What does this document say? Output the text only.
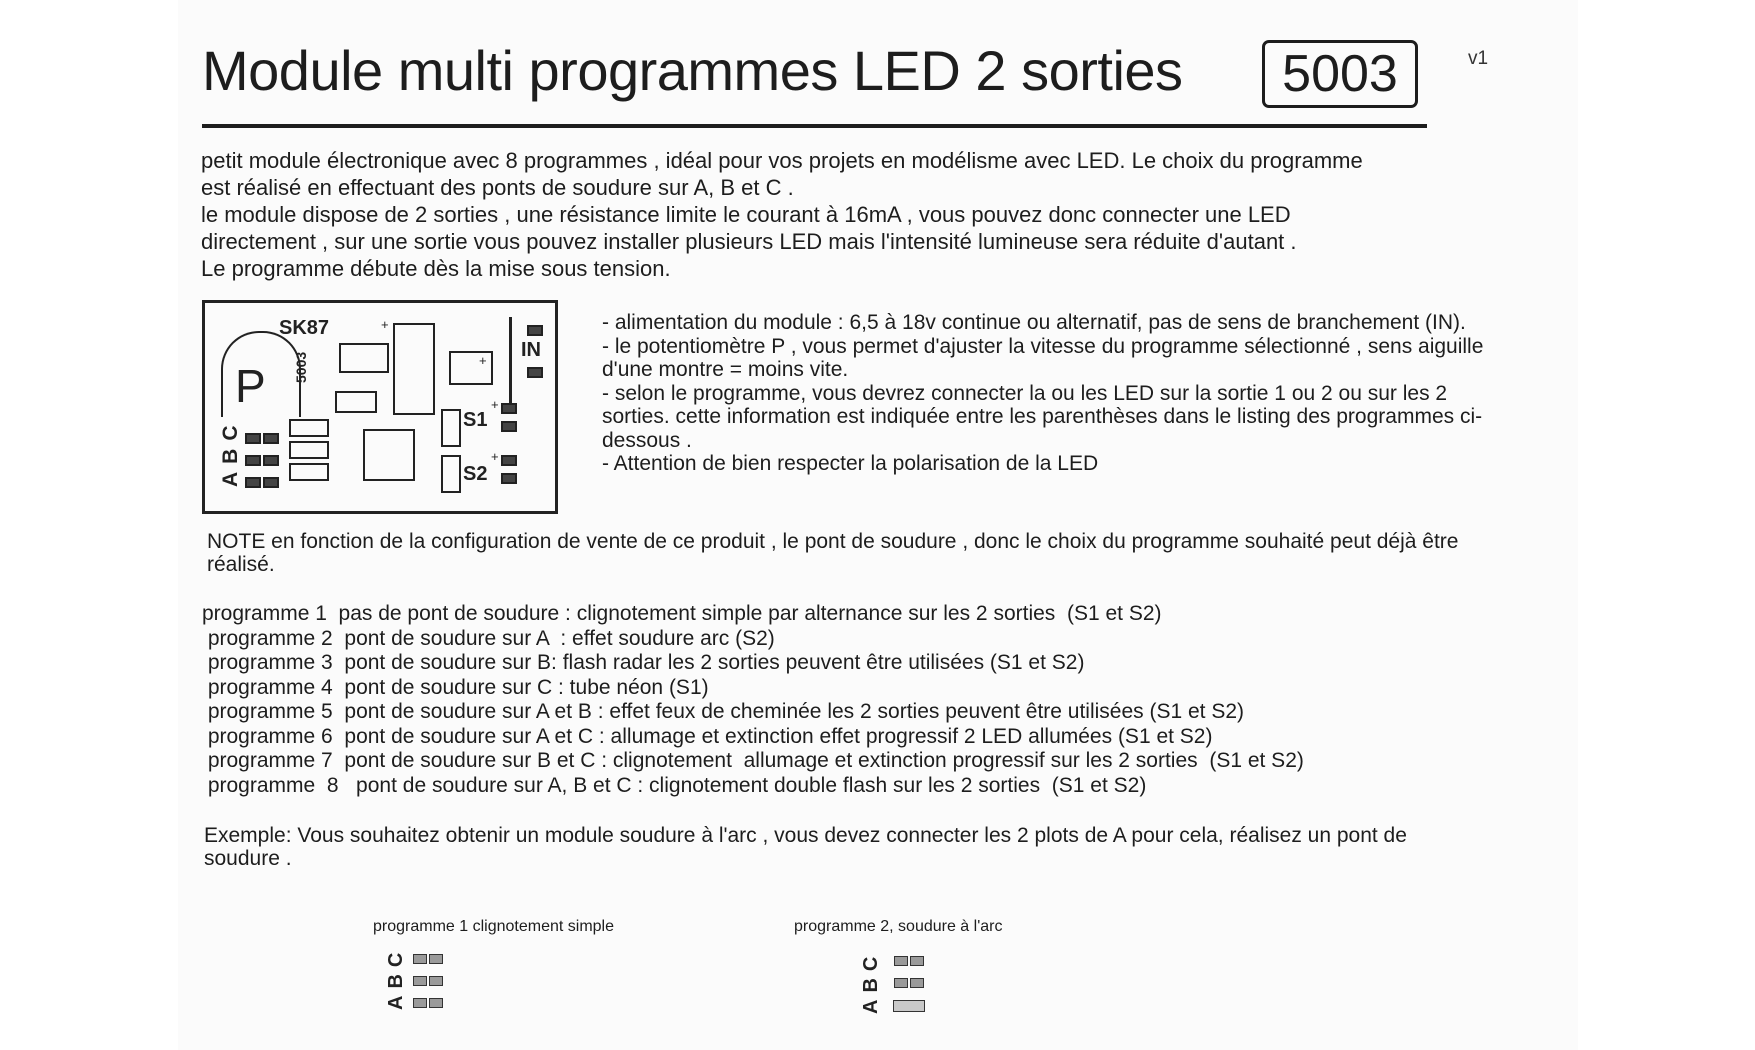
Module multi programmes LED 2 sorties	5003	v1
petit module électronique avec 8 programmes , idéal pour vos projets en modélisme avec LED. Le choix du programme
est réalisé en effectuant des ponts de soudure sur A, B et C .
le module dispose de 2 sorties , une résistance limite le courant à 16mA , vous pouvez donc connecter une LED
directement , sur une sortie vous pouvez installer plusieurs LED mais l'intensité lumineuse sera réduite d'autant .
Le programme débute dès la mise sous tension.
P
SK87
5003
+
+ IN
S1
+
S2
+
ABC
- alimentation du module : 6,5 à 18v continue ou alternatif, pas de sens de branchement (IN).
- le potentiomètre P , vous permet d'ajuster la vitesse du programme sélectionné , sens aiguille
d'une montre = moins vite.
- selon le programme, vous devrez connecter la ou les LED sur la sortie 1 ou 2 ou sur les 2
sorties. cette information est indiquée entre les parenthèses dans le listing des programmes ci-
dessous .
- Attention de bien respecter la polarisation de la LED
NOTE en fonction de la configuration de vente de ce produit , le pont de soudure , donc le choix du programme souhaité peut déjà être
réalisé.
programme 1  pas de pont de soudure : clignotement simple par alternance sur les 2 sorties  (S1 et S2)
programme 2  pont de soudure sur A  : effet soudure arc (S2)
programme 3  pont de soudure sur B: flash radar les 2 sorties peuvent être utilisées (S1 et S2)
programme 4  pont de soudure sur C : tube néon (S1)
programme 5  pont de soudure sur A et B : effet feux de cheminée les 2 sorties peuvent être utilisées (S1 et S2)
programme 6  pont de soudure sur A et C : allumage et extinction effet progressif 2 LED allumées (S1 et S2)
programme 7  pont de soudure sur B et C : clignotement  allumage et extinction progressif sur les 2 sorties  (S1 et S2)
programme  8   pont de soudure sur A, B et C : clignotement double flash sur les 2 sorties  (S1 et S2)
Exemple: Vous souhaitez obtenir un module soudure à l'arc , vous devez connecter les 2 plots de A pour cela, réalisez un pont de
soudure .
programme 1 clignotement simple
ABC
programme 2, soudure à l'arc
ABC
